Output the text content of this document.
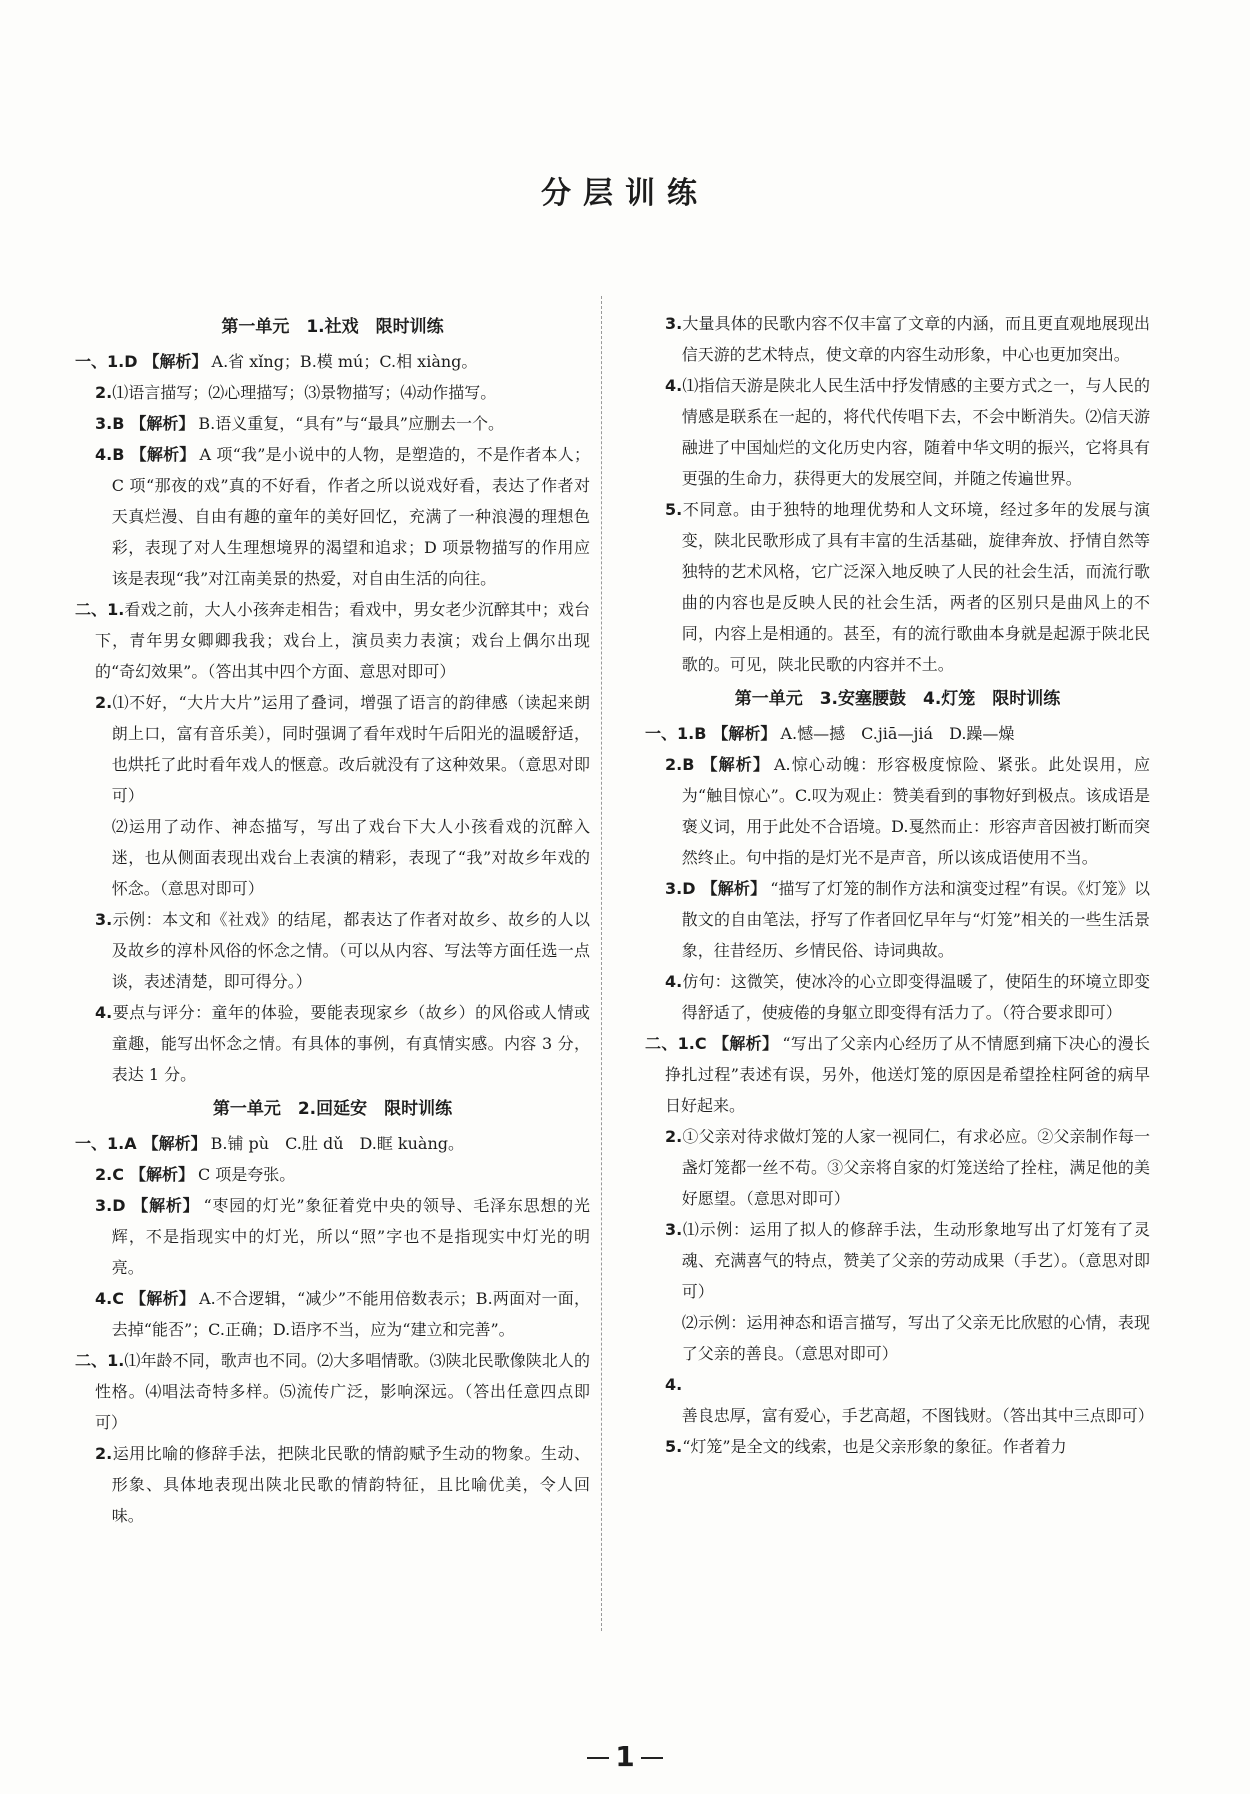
分层训练
第一单元　1.社戏　限时训练
一、1.D 【解析】 A.省 xǐng；B.模 mú；C.相 xiàng。
2.⑴语言描写；⑵心理描写；⑶景物描写；⑷动作描写。
3.B 【解析】 B.语义重复，“具有”与“最具”应删去一个。
4.B 【解析】 A 项“我”是小说中的人物，是塑造的，不是作者本人；C 项“那夜的戏”真的不好看，作者之所以说戏好看，表达了作者对天真烂漫、自由有趣的童年的美好回忆，充满了一种浪漫的理想色彩，表现了对人生理想境界的渴望和追求；D 项景物描写的作用应该是表现“我”对江南美景的热爱，对自由生活的向往。
二、1.看戏之前，大人小孩奔走相告；看戏中，男女老少沉醉其中；戏台下，青年男女卿卿我我；戏台上，演员卖力表演；戏台上偶尔出现的“奇幻效果”。（答出其中四个方面、意思对即可）
2.⑴不好，“大片大片”运用了叠词，增强了语言的韵律感（读起来朗朗上口，富有音乐美），同时强调了看年戏时午后阳光的温暖舒适，也烘托了此时看年戏人的惬意。改后就没有了这种效果。（意思对即可）
⑵运用了动作、神态描写，写出了戏台下大人小孩看戏的沉醉入迷，也从侧面表现出戏台上表演的精彩，表现了“我”对故乡年戏的怀念。（意思对即可）
3.示例：本文和《社戏》的结尾，都表达了作者对故乡、故乡的人以及故乡的淳朴风俗的怀念之情。（可以从内容、写法等方面任选一点谈，表述清楚，即可得分。）
4.要点与评分：童年的体验，要能表现家乡（故乡）的风俗或人情或童趣，能写出怀念之情。有具体的事例，有真情实感。内容 3 分，表达 1 分。
第一单元　2.回延安　限时训练
一、1.A 【解析】 B.铺 pù　C.肚 dǔ　D.眶 kuàng。
2.C 【解析】 C 项是夸张。
3.D 【解析】 “枣园的灯光”象征着党中央的领导、毛泽东思想的光辉，不是指现实中的灯光，所以“照”字也不是指现实中灯光的明亮。
4.C 【解析】 A.不合逻辑，“减少”不能用倍数表示；B.两面对一面，去掉“能否”；C.正确；D.语序不当，应为“建立和完善”。
二、1.⑴年龄不同，歌声也不同。⑵大多唱情歌。⑶陕北民歌像陕北人的性格。⑷唱法奇特多样。⑸流传广泛，影响深远。（答出任意四点即可）
2.运用比喻的修辞手法，把陕北民歌的情韵赋予生动的物象。生动、形象、具体地表现出陕北民歌的情韵特征，且比喻优美，令人回味。
3.大量具体的民歌内容不仅丰富了文章的内涵，而且更直观地展现出信天游的艺术特点，使文章的内容生动形象，中心也更加突出。
4.⑴指信天游是陕北人民生活中抒发情感的主要方式之一，与人民的情感是联系在一起的，将代代传唱下去，不会中断消失。⑵信天游融进了中国灿烂的文化历史内容，随着中华文明的振兴，它将具有更强的生命力，获得更大的发展空间，并随之传遍世界。
5.不同意。由于独特的地理优势和人文环境，经过多年的发展与演变，陕北民歌形成了具有丰富的生活基础，旋律奔放、抒情自然等独特的艺术风格，它广泛深入地反映了人民的社会生活，而流行歌曲的内容也是反映人民的社会生活，两者的区别只是曲风上的不同，内容上是相通的。甚至，有的流行歌曲本身就是起源于陕北民歌的。可见，陕北民歌的内容并不土。
第一单元　3.安塞腰鼓　4.灯笼　限时训练
一、1.B 【解析】 A.憾—撼　C.jiā—jiá　D.躁—燥
2.B 【解析】 A.惊心动魄：形容极度惊险、紧张。此处误用，应为“触目惊心”。C.叹为观止：赞美看到的事物好到极点。该成语是褒义词，用于此处不合语境。D.戛然而止：形容声音因被打断而突然终止。句中指的是灯光不是声音，所以该成语使用不当。
3.D 【解析】 “描写了灯笼的制作方法和演变过程”有误。《灯笼》以散文的自由笔法，抒写了作者回忆早年与“灯笼”相关的一些生活景象，往昔经历、乡情民俗、诗词典故。
4.仿句：这微笑，使冰冷的心立即变得温暖了，使陌生的环境立即变得舒适了，使疲倦的身躯立即变得有活力了。（符合要求即可）
二、1.C 【解析】 “写出了父亲内心经历了从不情愿到痛下决心的漫长挣扎过程”表述有误，另外，他送灯笼的原因是希望拴柱阿爸的病早日好起来。
2.①父亲对待求做灯笼的人家一视同仁，有求必应。②父亲制作每一盏灯笼都一丝不苟。③父亲将自家的灯笼送给了拴柱，满足他的美好愿望。（意思对即可）
3.⑴示例：运用了拟人的修辞手法，生动形象地写出了灯笼有了灵魂、充满喜气的特点，赞美了父亲的劳动成果（手艺）。（意思对即可）
⑵示例：运用神态和语言描写，写出了父亲无比欣慰的心情，表现了父亲的善良。（意思对即可）
4.善良忠厚，富有爱心，手艺高超，不图钱财。（答出其中三点即可）
5.“灯笼”是全文的线索，也是父亲形象的象征。作者着力
1
